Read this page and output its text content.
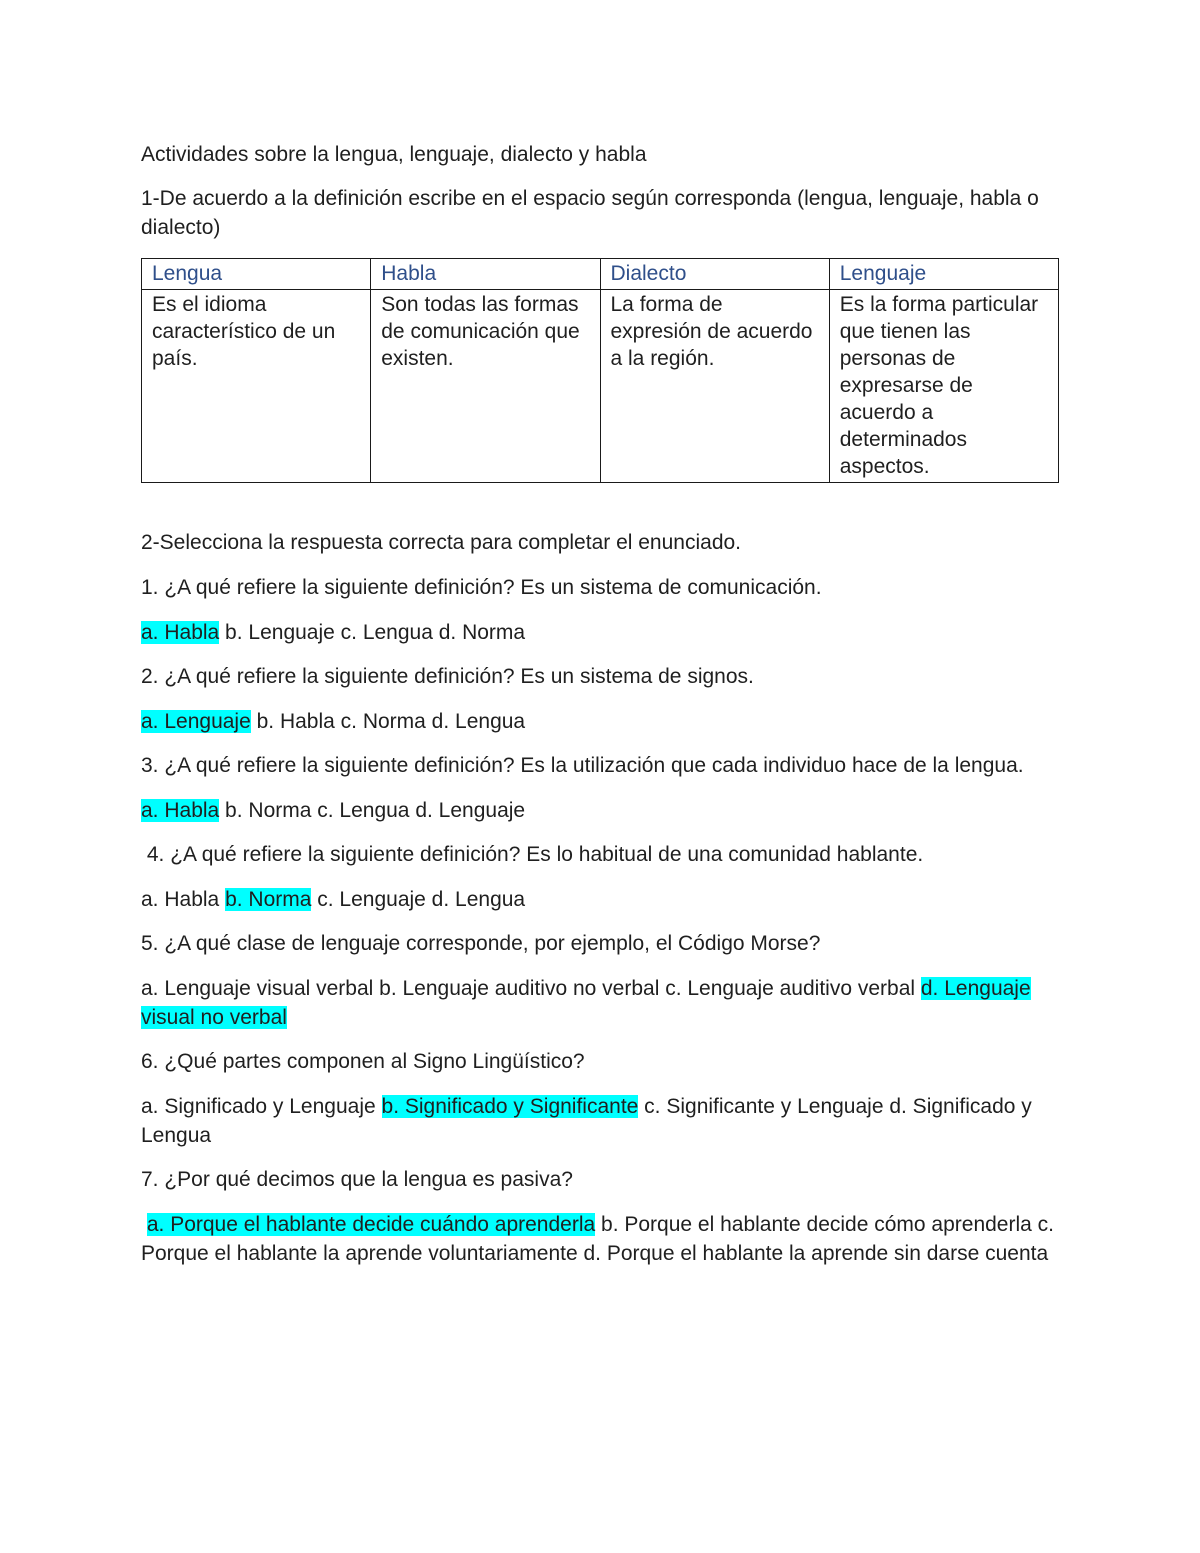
Actividades sobre la lengua, lenguaje, dialecto y habla

1-De acuerdo a la definición escribe en el espacio según corresponda (lengua, lenguaje, habla o dialecto)

Lengua	Habla	Dialecto	Lenguaje
Es el idioma característico de un país.	Son todas las formas de comunicación que existen.	La forma de expresión de acuerdo a la región.	Es la forma particular que tienen las personas de expresarse de acuerdo a determinados aspectos.

2-Selecciona la respuesta correcta para completar el enunciado.

1. ¿A qué refiere la siguiente definición? Es un sistema de comunicación.

a. Habla b. Lenguaje c. Lengua d. Norma

2. ¿A qué refiere la siguiente definición? Es un sistema de signos.

a. Lenguaje b. Habla c. Norma d. Lengua

3. ¿A qué refiere la siguiente definición? Es la utilización que cada individuo hace de la lengua.

a. Habla b. Norma c. Lengua d. Lenguaje

4. ¿A qué refiere la siguiente definición? Es lo habitual de una comunidad hablante.

a. Habla b. Norma c. Lenguaje d. Lengua

5. ¿A qué clase de lenguaje corresponde, por ejemplo, el Código Morse?

a. Lenguaje visual verbal b. Lenguaje auditivo no verbal c. Lenguaje auditivo verbal d. Lenguaje visual no verbal

6. ¿Qué partes componen al Signo Lingüístico?

a. Significado y Lenguaje b. Significado y Significante c. Significante y Lenguaje d. Significado y Lengua

7. ¿Por qué decimos que la lengua es pasiva?

a. Porque el hablante decide cuándo aprenderla b. Porque el hablante decide cómo aprenderla c. Porque el hablante la aprende voluntariamente d. Porque el hablante la aprende sin darse cuenta
